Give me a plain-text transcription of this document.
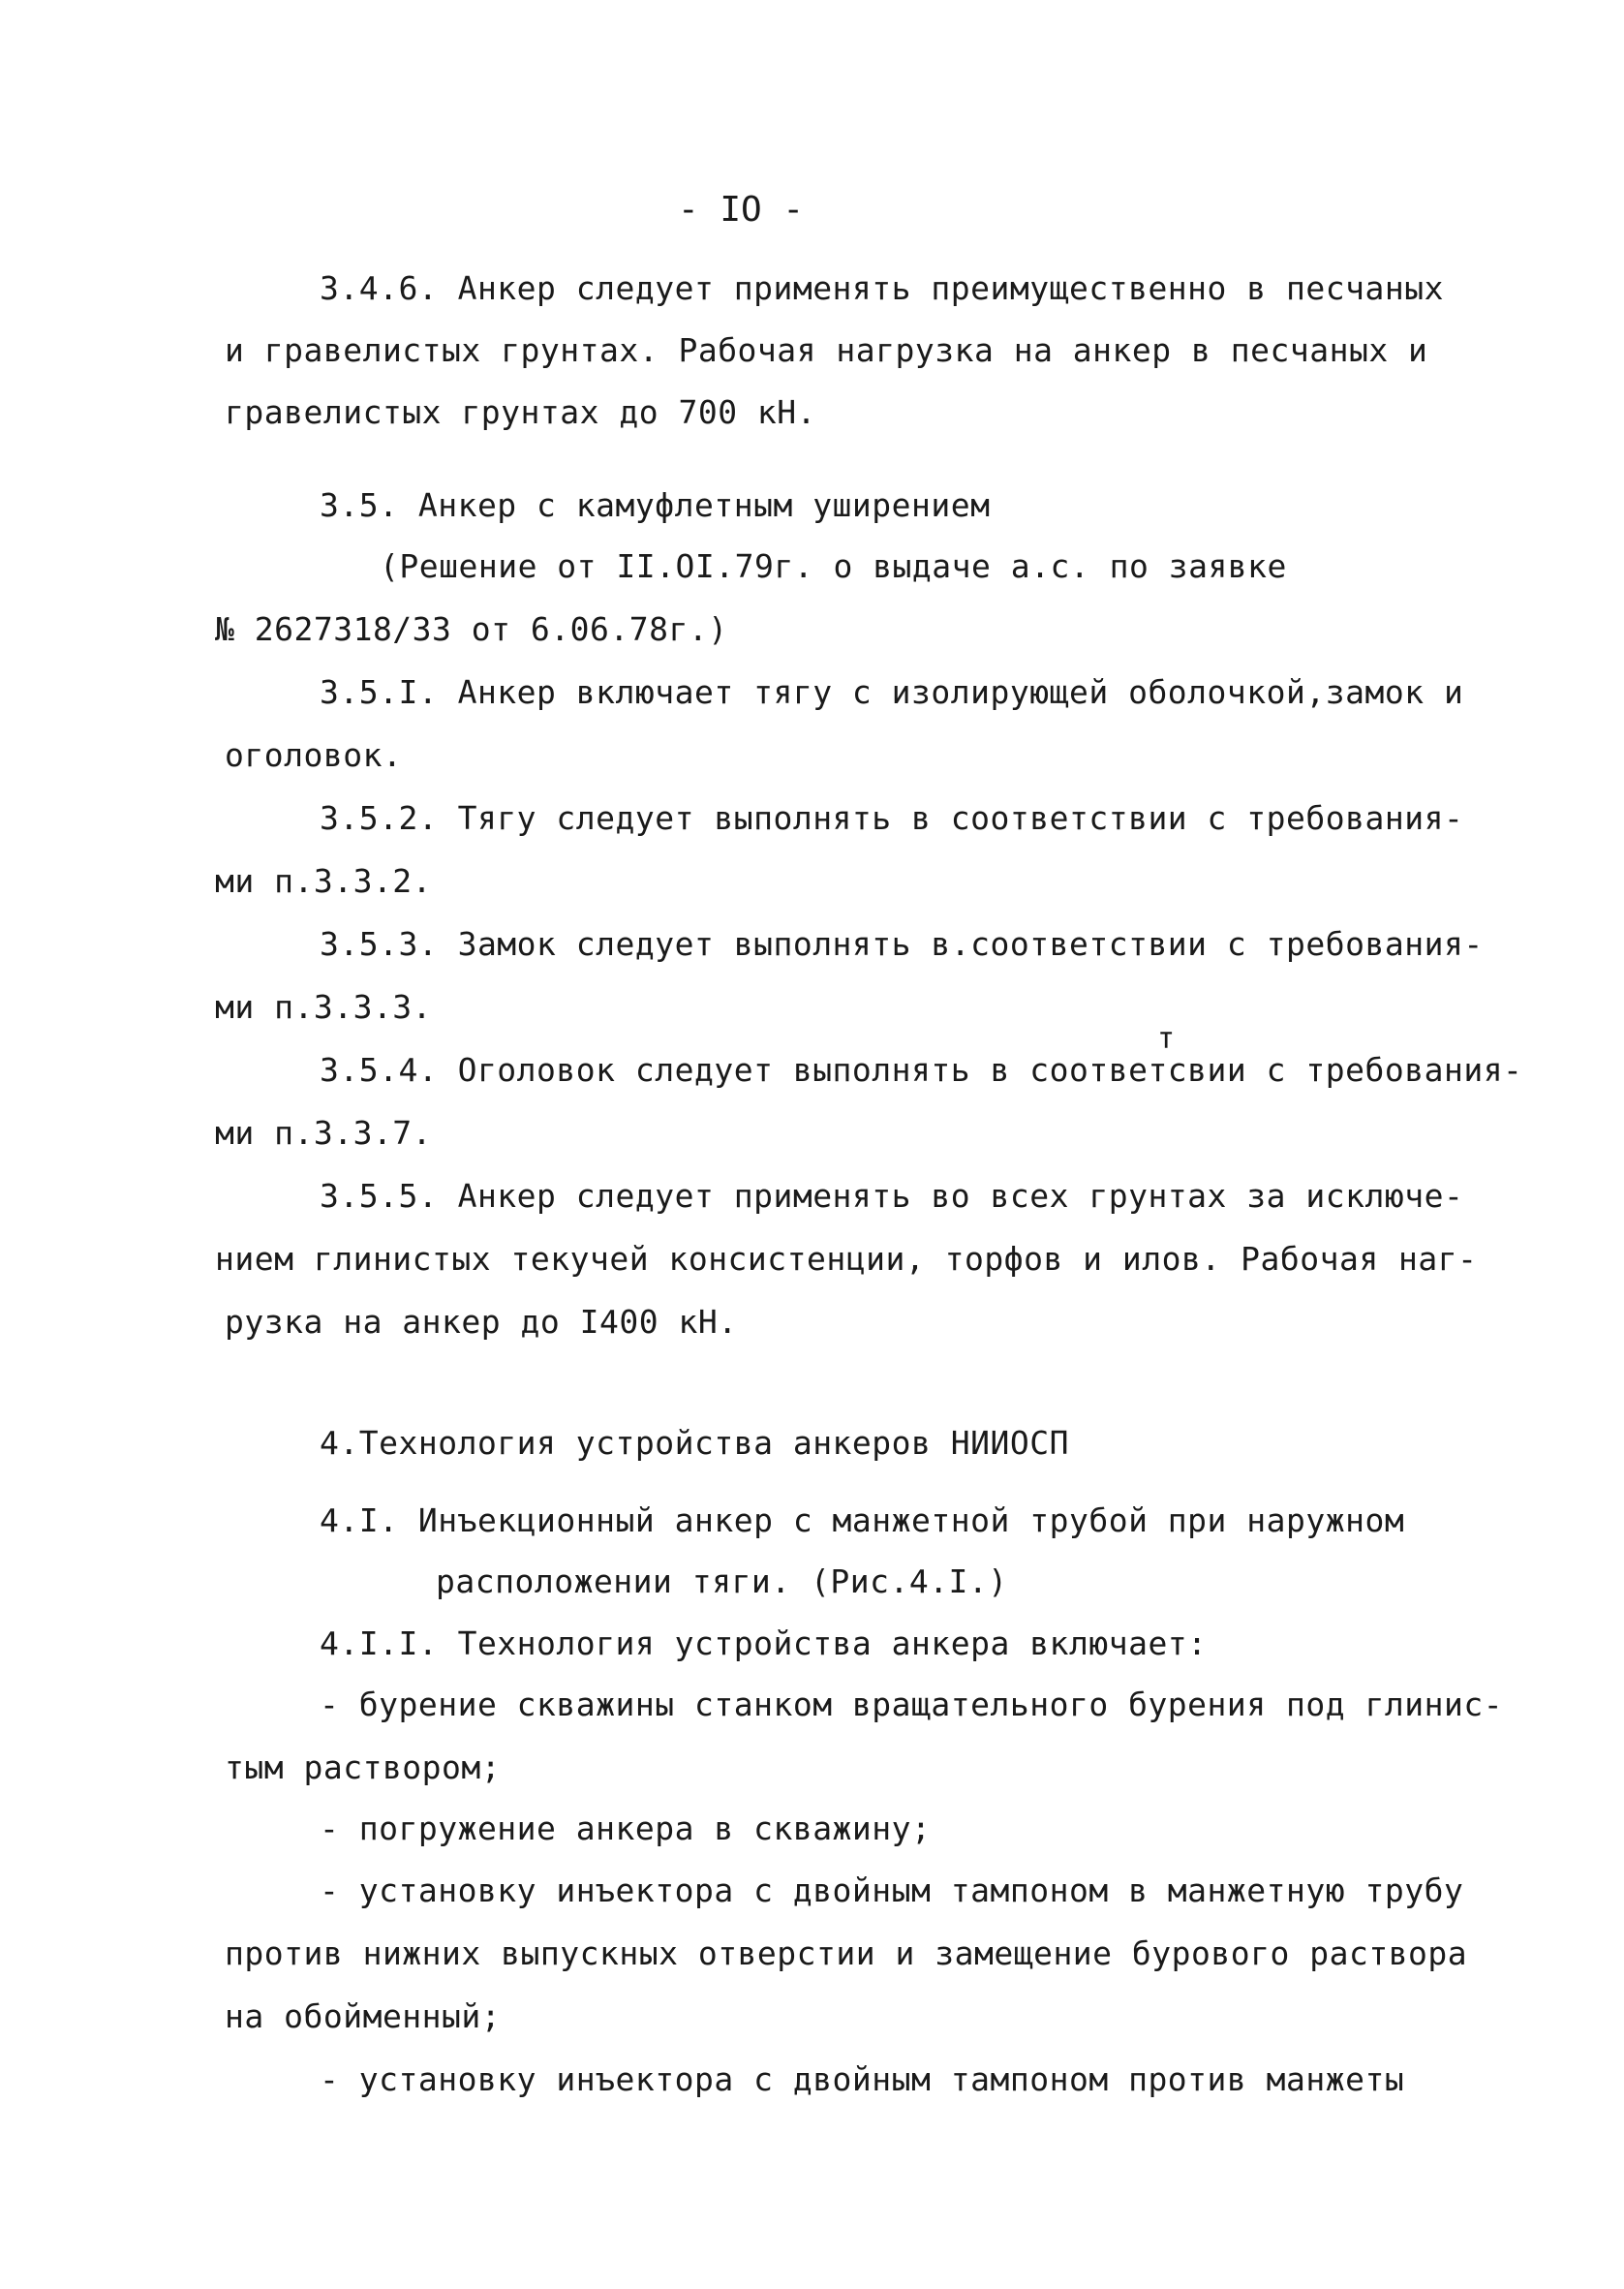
- IO -
3.4.6. Анкер следует применять преимущественно в песчаных
и гравелистых грунтах. Рабочая нагрузка на анкер в песчаных и
гравелистых грунтах до 700 кН.
3.5. Анкер с камуфлетным уширением
(Решение от II.OI.79г. о выдаче а.с. по заявке
№ 2627318/33 от 6.06.78г.)
3.5.I. Анкер включает тягу с изолирующей оболочкой,замок и
оголовок.
3.5.2. Тягу следует выполнять в соответствии с требования-
ми п.3.3.2.
3.5.3. Замок следует выполнять в.соответствии с требования-
ми п.3.3.3.
3.5.4. Оголовок следует выполнять в соответсвии с требования-
т
ми п.3.3.7.
3.5.5. Анкер следует применять во всех грунтах за исключе-
нием глинистых текучей консистенции, торфов и илов. Рабочая наг-
рузка на анкер до I400 кН.
4.Технология устройства анкеров НИИОСП
4.I. Инъекционный анкер с манжетной трубой при наружном
расположении тяги. (Рис.4.I.)
4.I.I. Технология устройства анкера включает:
- бурение скважины станком вращательного бурения под глинис-
тым раствором;
- погружение анкера в скважину;
- установку инъектора с двойным тампоном в манжетную трубу
против нижних выпускных отверстии и замещение бурового раствора
на обойменный;
- установку инъектора с двойным тампоном против манжеты
